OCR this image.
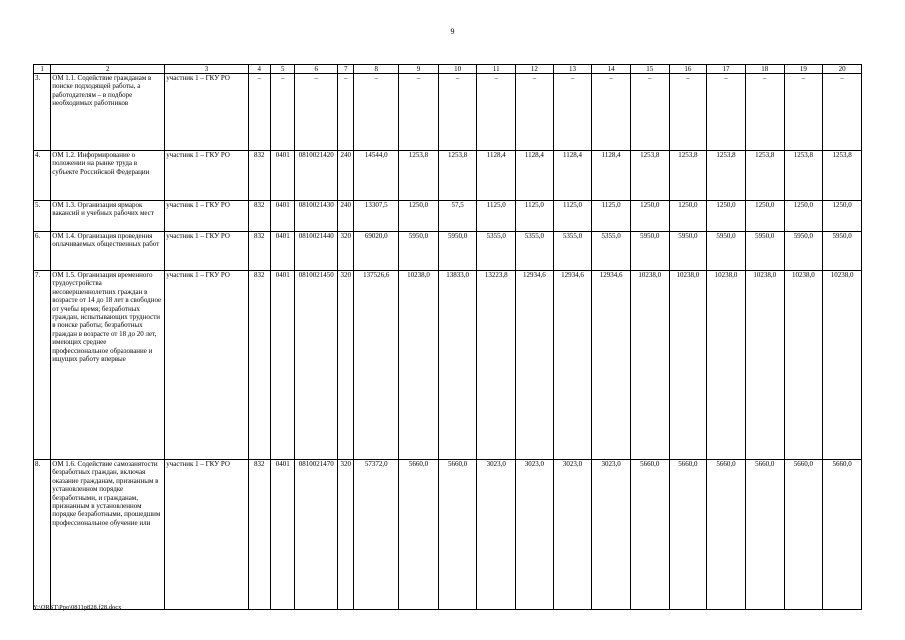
9
1	2	3	4	5	6	7	8	9	10	11	12	13	14	15	16	17	18	19	20
3.	ОМ 1.1. Содействие гражданам в поиске подходящей работы, а работодателям – в подборе необходимых работников	участник 1 – ГКУ РО	–	–	–	–	–	–	–	–	–	–	–	–	–	–	–	–	–
4.	ОМ 1.2. Информирование о положении на рынке труда в субъекте Российской Федерации	участник 1 – ГКУ РО	832	0401	0810021420	240	14544,0	1253,8	1253,8	1128,4	1128,4	1128,4	1128,4	1253,8	1253,8	1253,8	1253,8	1253,8	1253,8
5.	ОМ 1.3. Организация ярмарок вакансий и учебных рабочих мест	участник 1 – ГКУ РО	832	0401	0810021430	240	13307,5	1250,0	57,5	1125,0	1125,0	1125,0	1125,0	1250,0	1250,0	1250,0	1250,0	1250,0	1250,0
6.	ОМ 1.4. Организация проведения оплачиваемых общественных работ	участник 1 – ГКУ РО	832	0401	0810021440	320	69020,0	5950,0	5950,0	5355,0	5355,0	5355,0	5355,0	5950,0	5950,0	5950,0	5950,0	5950,0	5950,0
7.	ОМ 1.5. Организация временного трудоустройства несовершеннолетних граждан в возрасте от 14 до 18 лет в свободное от учебы время; безработных граждан, испытывающих трудности в поиске работы; безработных граждан в возрасте от 18 до 20 лет, имеющих среднее профессиональное образование и ищущих работу впервые	участник 1 – ГКУ РО	832	0401	0810021450	320	137526,6	10238,0	13833,0	13223,8	12934,6	12934,6	12934,6	10238,0	10238,0	10238,0	10238,0	10238,0	10238,0
8.	ОМ 1.6. Содействие самозанятости безработных граждан, включая оказание гражданам, признанным в установленном порядке безработными, и гражданам, признанным в установленном порядке безработными, прошедшим профессиональное обучение или	участник 1 – ГКУ РО	832	0401	0810021470	320	57372,0	5660,0	5660,0	3023,0	3023,0	3023,0	3023,0	5660,0	5660,0	5660,0	5660,0	5660,0	5660,0
Y:\ORST\Ppo\0811p828.f28.docx
